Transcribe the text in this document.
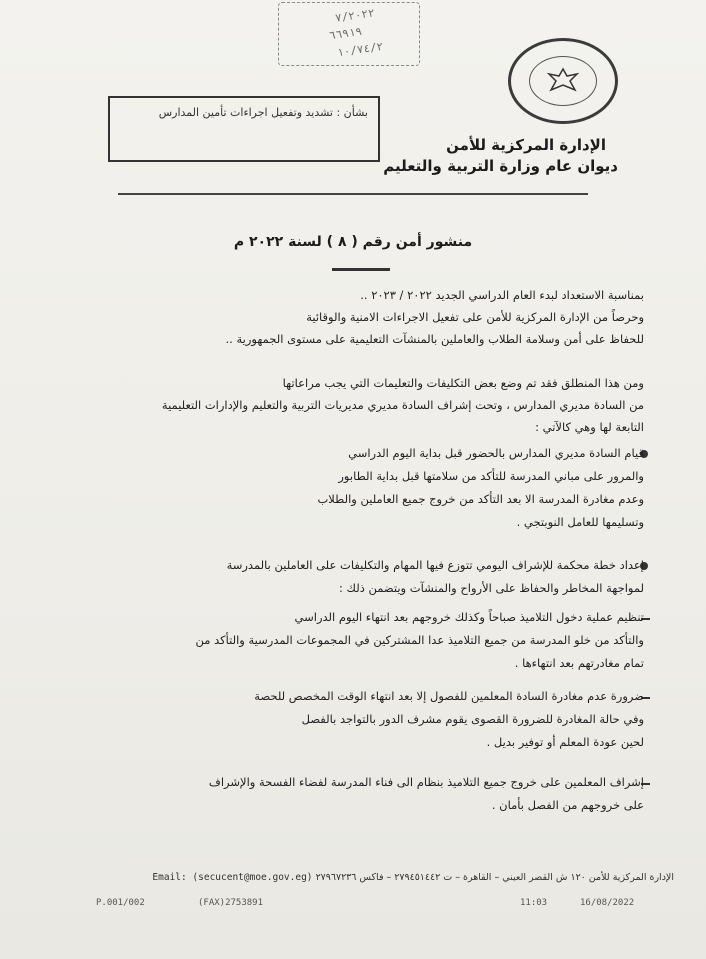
٧/٢٠٢٢
٦٦٩١٩
١٠/٧٤/٢
بشأن : تشديد وتفعيل اجراءات تأمين المدارس
الإدارة المركزية للأمن
ديوان عام وزارة التربية والتعليم
منشور أمن رقم ( ٨ ) لسنة ٢٠٢٢ م
بمناسبة الاستعداد لبدء العام الدراسي الجديد ٢٠٢٢ / ٢٠٢٣ ..
وحرصاً من الإدارة المركزية للأمن على تفعيل الاجراءات الامنية والوقائية
للحفاظ على أمن وسلامة الطلاب والعاملين بالمنشآت التعليمية على مستوى الجمهورية ..
ومن هذا المنطلق فقد تم وضع بعض التكليفات والتعليمات التي يجب مراعاتها
من السادة مديري المدارس ، وتحت إشراف السادة مديري مديريات التربية والتعليم والإدارات التعليمية
التابعة لها وهي كالآتي :
قيام السادة مديري المدارس بالحضور قبل بداية اليوم الدراسي
والمرور على مباني المدرسة للتأكد من سلامتها قبل بداية الطابور
وعدم مغادرة المدرسة الا بعد التأكد من خروج جميع العاملين والطلاب
وتسليمها للعامل النوبتجي .
إعداد خطة محكمة للإشراف اليومي تتوزع فيها المهام والتكليفات على العاملين بالمدرسة
لمواجهة المخاطر والحفاظ على الأرواح والمنشآت ويتضمن ذلك :
تنظيم عملية دخول التلاميذ صباحاً وكذلك خروجهم بعد انتهاء اليوم الدراسي
والتأكد من خلو المدرسة من جميع التلاميذ عدا المشتركين في المجموعات المدرسية والتأكد من
تمام مغادرتهم بعد انتهاءها .
ضرورة عدم مغادرة السادة المعلمين للفصول إلا بعد انتهاء الوقت المخصص للحصة
وفي حالة المغادرة للضرورة القصوى يقوم مشرف الدور بالتواجد بالفصل
لحين عودة المعلم أو توفير بديل .
إشراف المعلمين على خروج جميع التلاميذ بنظام الى فناء المدرسة لفضاء الفسحة والإشراف
على خروجهم من الفصل بأمان .
الإدارة المركزية للأمن ١٢٠ ش القصر العيني – القاهرة – ت ٢٧٩٤٥١٤٤٢ – فاكس ٢٧٩٦٧٢٣٦ Email: (secucent@moe.gov.eg)
P.001/002	(FAX)2753891	11:03	16/08/2022
